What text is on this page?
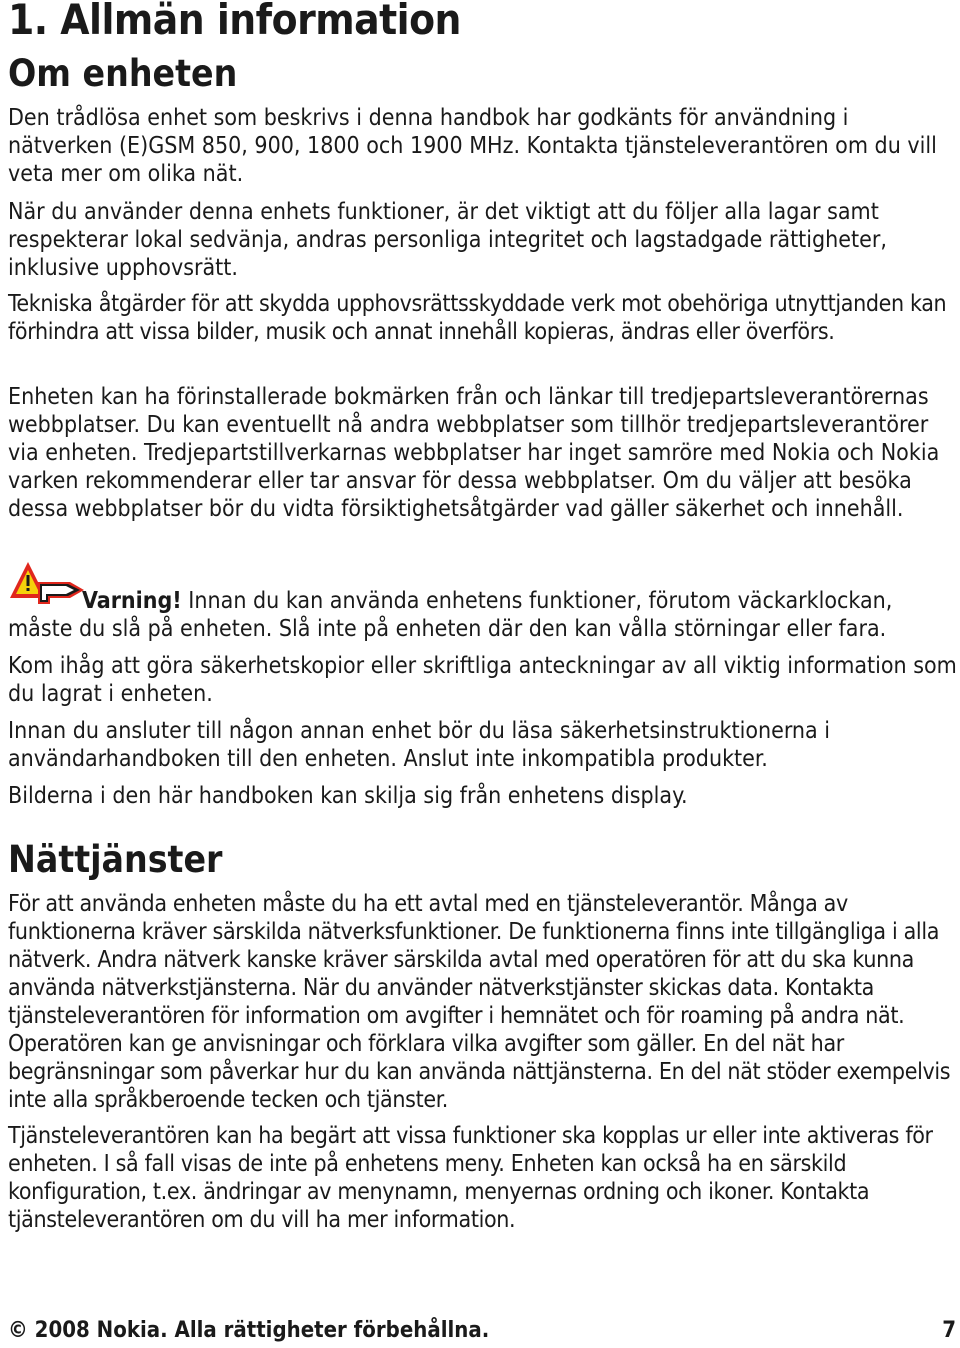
1. Allmän information
Om enheten

Den trådlösa enhet som beskrivs i denna handbok har godkänts för användning i nätverken (E)GSM 850, 900, 1800 och 1900 MHz. Kontakta tjänsteleverantören om du vill veta mer om olika nät.

När du använder denna enhets funktioner, är det viktigt att du följer alla lagar samt respekterar lokal sedvänja, andras personliga integritet och lagstadgade rättigheter, inklusive upphovsrätt.

Tekniska åtgärder för att skydda upphovsrättsskyddade verk mot obehöriga utnyttjanden kan förhindra att vissa bilder, musik och annat innehåll kopieras, ändras eller överförs.

Enheten kan ha förinstallerade bokmärken från och länkar till tredjepartsleverantörernas webbplatser. Du kan eventuellt nå andra webbplatser som tillhör tredjepartsleverantörer via enheten. Tredjepartstillverkarnas webbplatser har inget samröre med Nokia och Nokia varken rekommenderar eller tar ansvar för dessa webbplatser. Om du väljer att besöka dessa webbplatser bör du vidta försiktighetsåtgärder vad gäller säkerhet och innehåll.

Varning! Innan du kan använda enhetens funktioner, förutom väckarklockan, måste du slå på enheten. Slå inte på enheten där den kan vålla störningar eller fara.

Kom ihåg att göra säkerhetskopior eller skriftliga anteckningar av all viktig information som du lagrat i enheten.

Innan du ansluter till någon annan enhet bör du läsa säkerhetsinstruktionerna i användarhandboken till den enheten. Anslut inte inkompatibla produkter.

Bilderna i den här handboken kan skilja sig från enhetens display.

Nättjänster

För att använda enheten måste du ha ett avtal med en tjänsteleverantör. Många av funktionerna kräver särskilda nätverksfunktioner. De funktionerna finns inte tillgängliga i alla nätverk. Andra nätverk kanske kräver särskilda avtal med operatören för att du ska kunna använda nätverkstjänsterna. När du använder nätverkstjänster skickas data. Kontakta tjänsteleverantören för information om avgifter i hemnätet och för roaming på andra nät. Operatören kan ge anvisningar och förklara vilka avgifter som gäller. En del nät har begränsningar som påverkar hur du kan använda nättjänsterna. En del nät stöder exempelvis inte alla språkberoende tecken och tjänster.

Tjänsteleverantören kan ha begärt att vissa funktioner ska kopplas ur eller inte aktiveras för enheten. I så fall visas de inte på enhetens meny. Enheten kan också ha en särskild konfiguration, t.ex. ändringar av menynamn, menyernas ordning och ikoner. Kontakta tjänsteleverantören om du vill ha mer information.

© 2008 Nokia. Alla rättigheter förbehållna.	7
